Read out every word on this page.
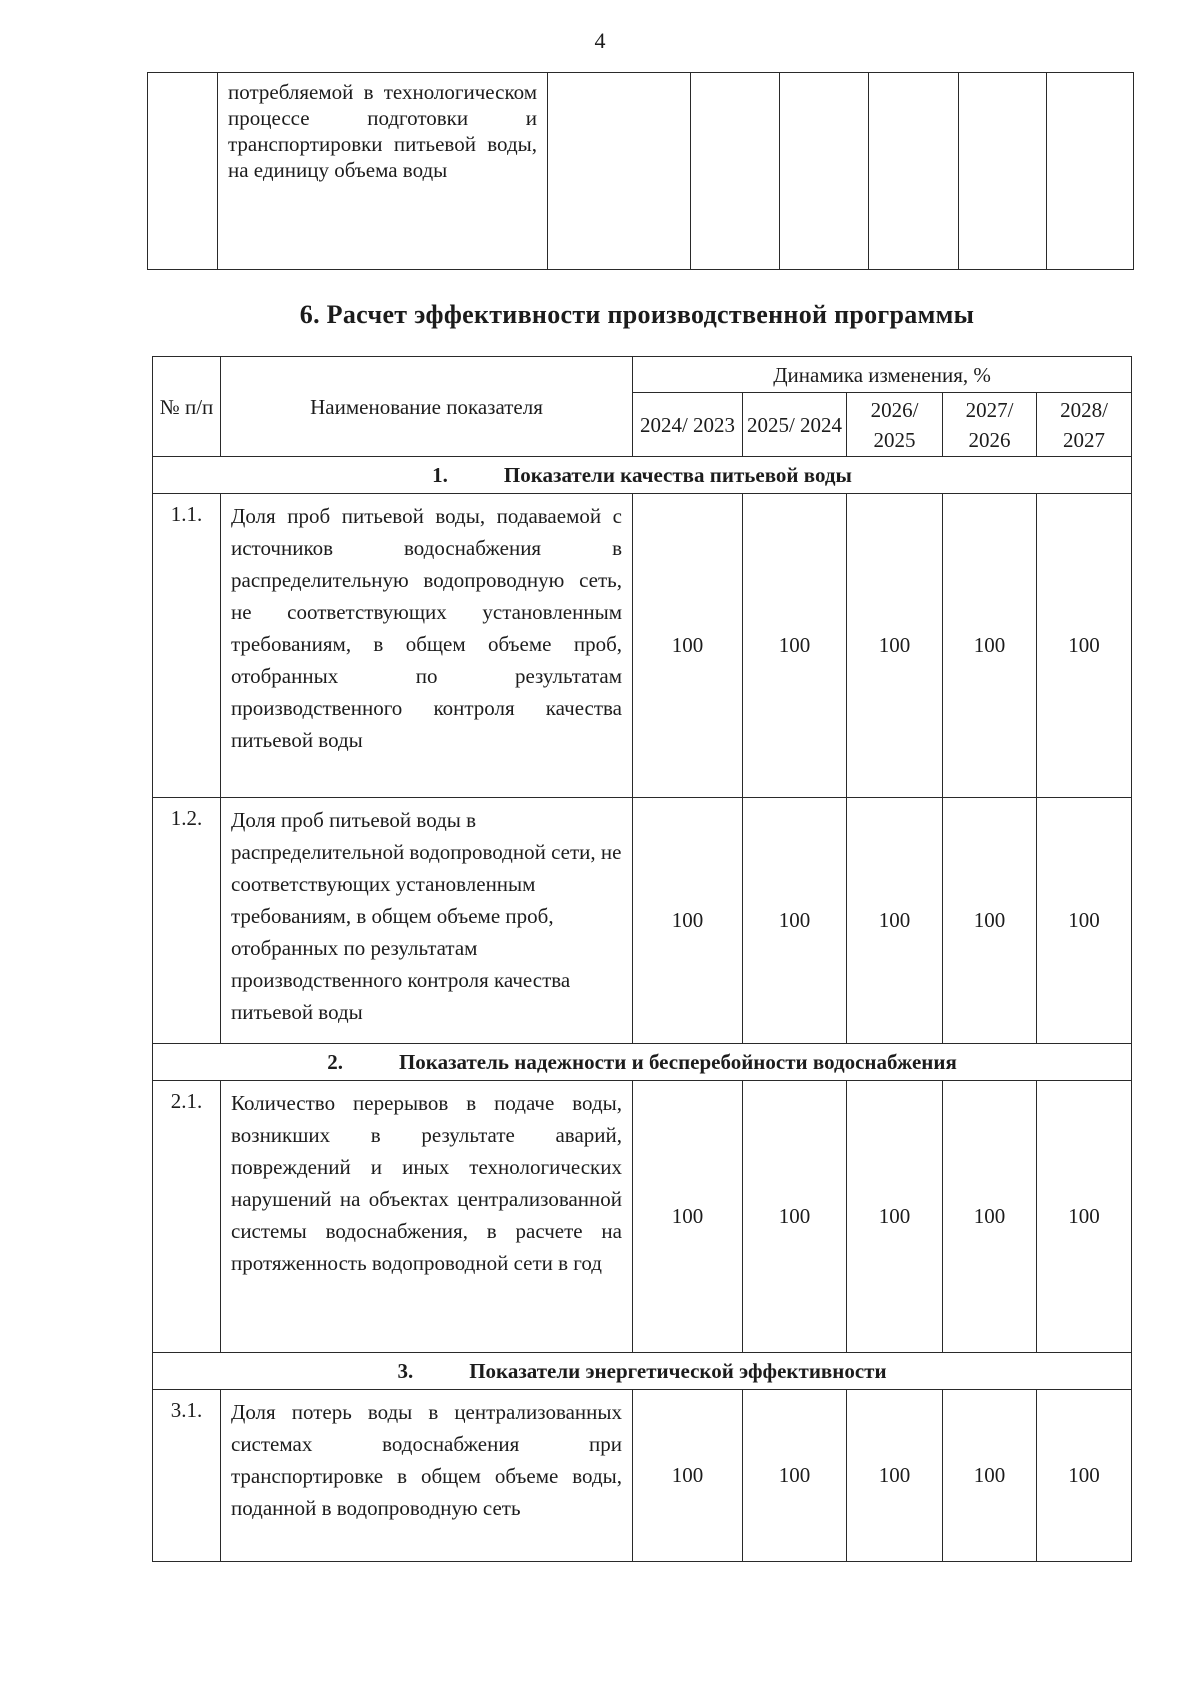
4
	потребляемой в технологическом процессе подготовки и транспортировки питьевой воды, на единицу объема воды						
6. Расчет эффективности производственной программы
№ п/п	Наименование показателя	Динамика изменения, %				
		2024/ 2023	2025/ 2024	2026/ 2025	2027/ 2026	2028/ 2027
1. Показатели качества питьевой воды						
1.1.	Доля проб питьевой воды, подаваемой с источников водоснабжения в распределительную водопроводную сеть, не соответствующих установленным требованиям, в общем объеме проб, отобранных по результатам производственного контроля качества питьевой воды	100	100	100	100	100
1.2.	Доля проб питьевой воды в распределительной водопроводной сети, не соответствующих установленным требованиям, в общем объеме проб, отобранных по результатам производственного контроля качества питьевой воды	100	100	100	100	100
2. Показатель надежности и бесперебойности водоснабжения						
2.1.	Количество перерывов в подаче воды, возникших в результате аварий, повреждений и иных технологических нарушений на объектах централизованной системы водоснабжения, в расчете на протяженность водопроводной сети в год	100	100	100	100	100
3. Показатели энергетической эффективности						
3.1.	Доля потерь воды в централизованных системах водоснабжения при транспортировке в общем объеме воды, поданной в водопроводную сеть	100	100	100	100	100
